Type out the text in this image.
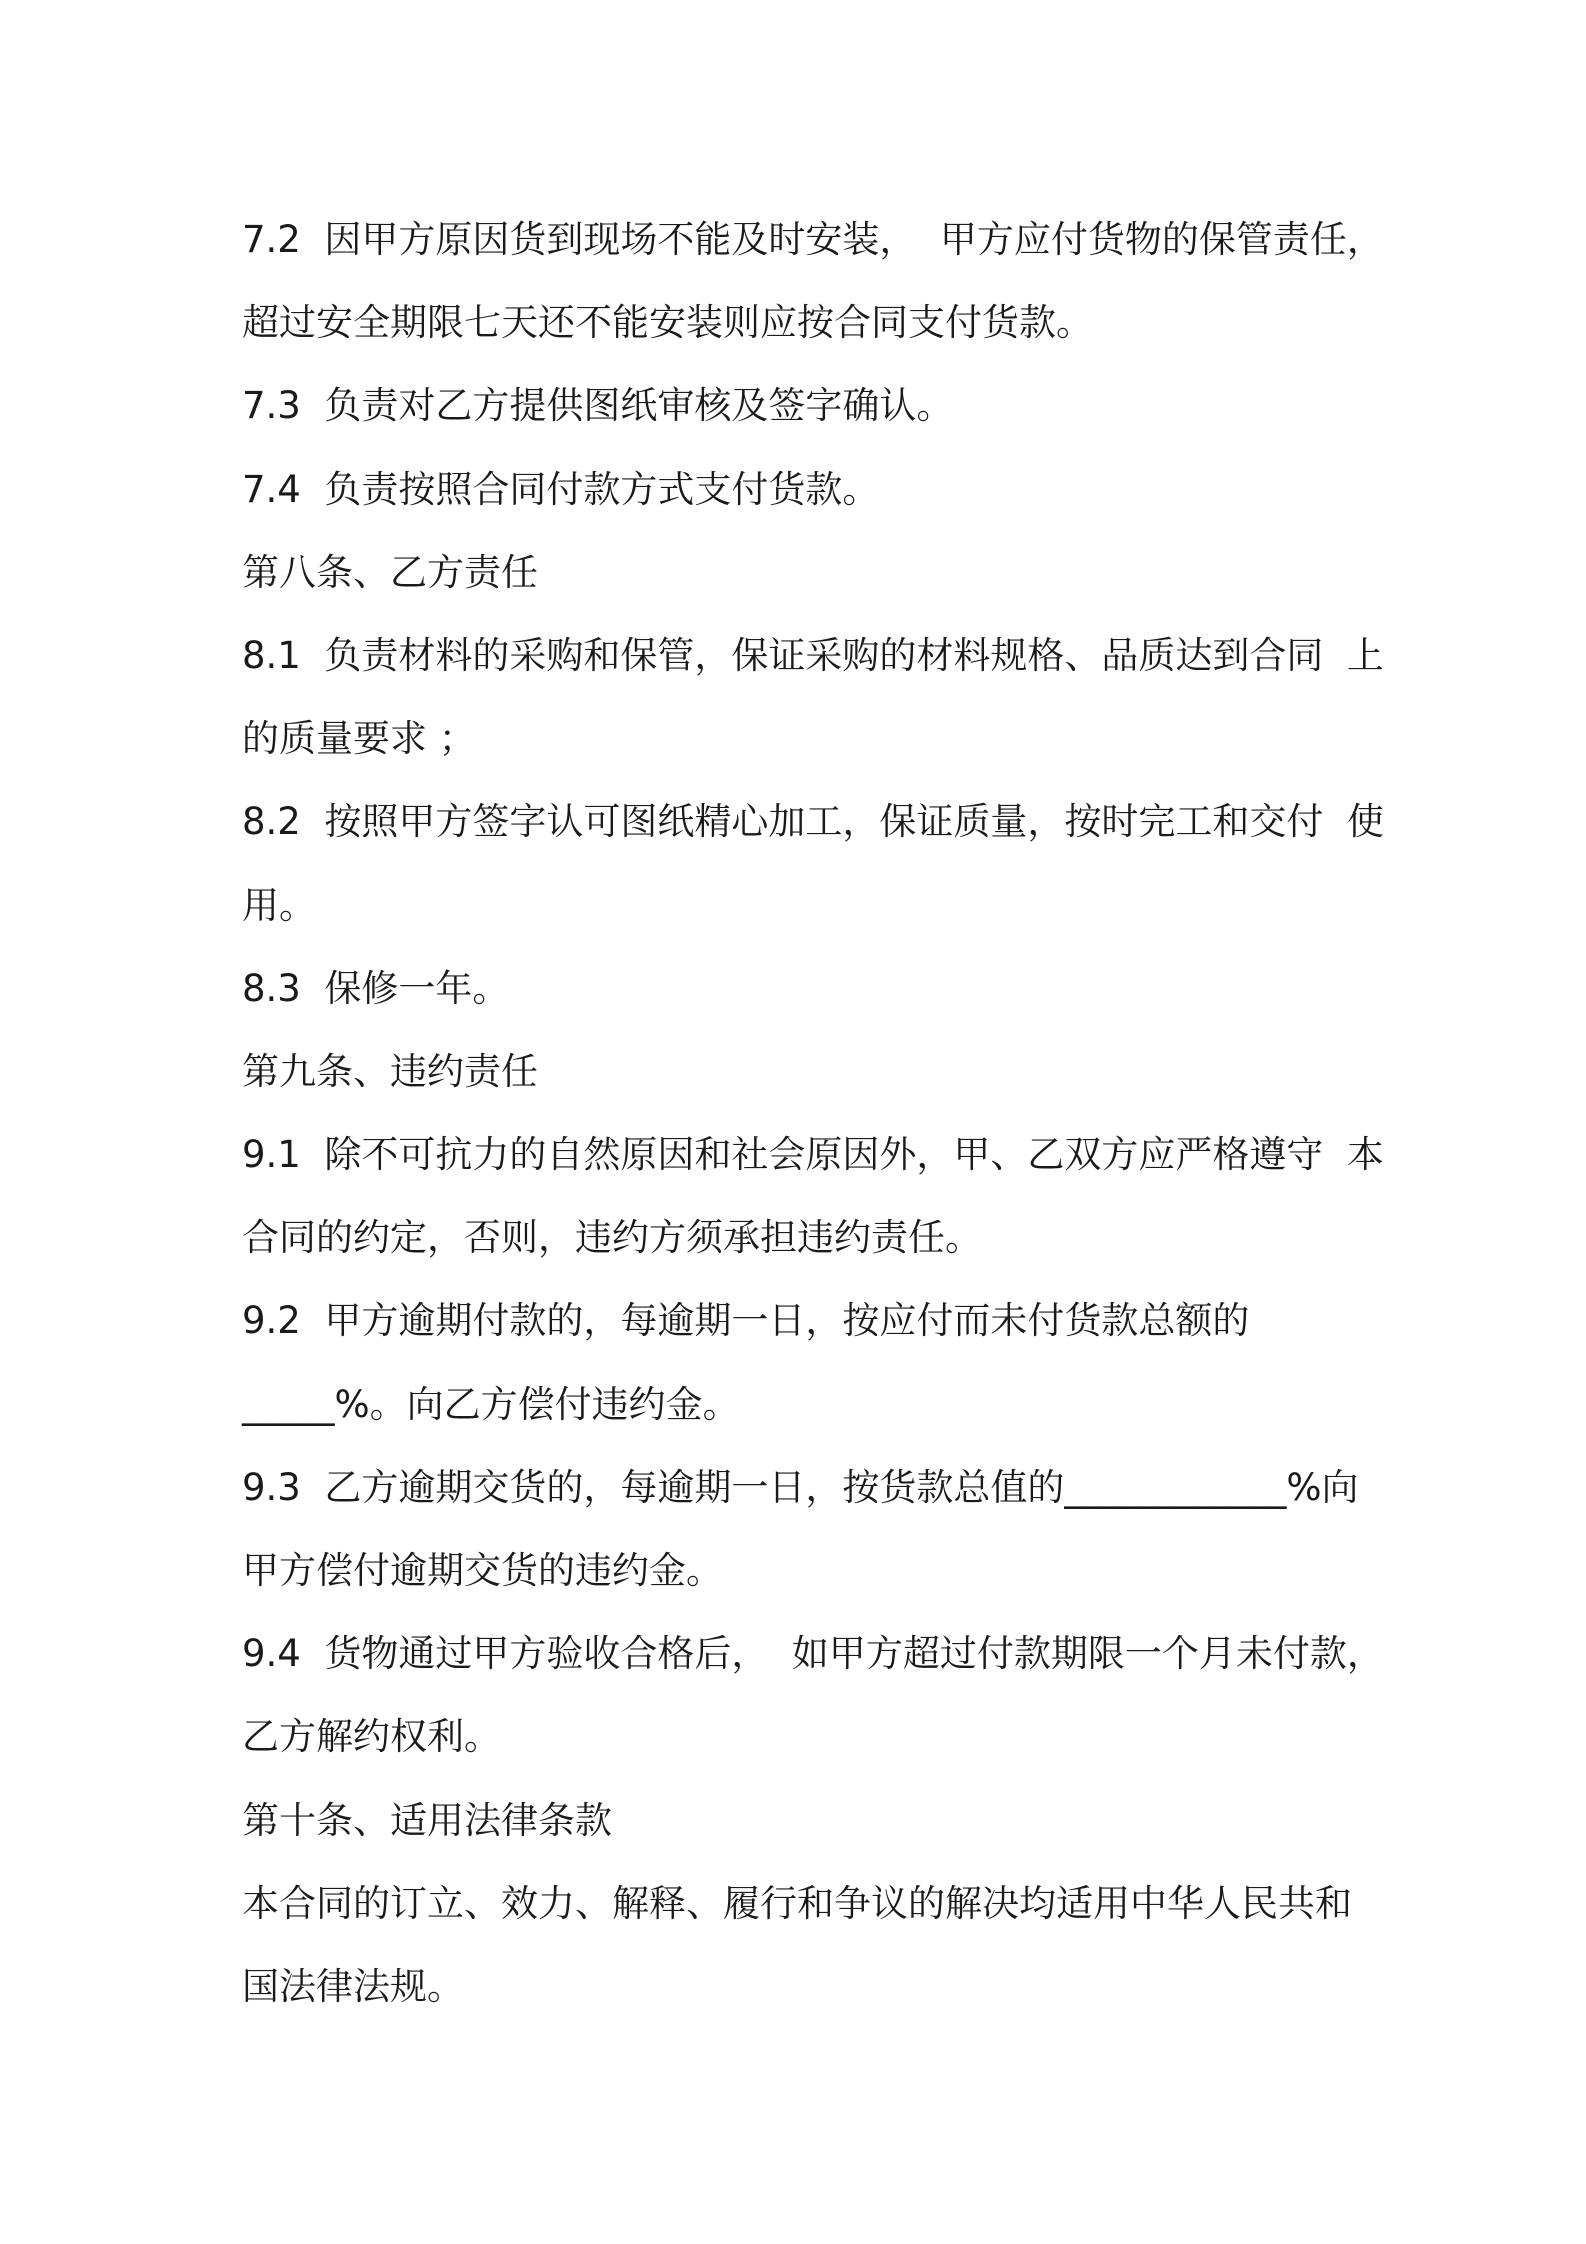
7.2  因甲方原因货到现场不能及时安装，  甲方应付货物的保管责任，

超过安全期限七天还不能安装则应按合同支付货款。

7.3  负责对乙方提供图纸审核及签字确认。

7.4  负责按照合同付款方式支付货款。

第八条、乙方责任

8.1  负责材料的采购和保管，保证采购的材料规格、品质达到合同  上

的质量要求 ；

8.2  按照甲方签字认可图纸精心加工，保证质量，按时完工和交付  使

用。

8.3  保修一年。

第九条、违约责任

9.1  除不可抗力的自然原因和社会原因外，甲、乙双方应严格遵守  本

合同的约定，否则，违约方须承担违约责任。

9.2  甲方逾期付款的，每逾期一日，按应付而未付货款总额的

_____%。向乙方偿付违约金。

9.3  乙方逾期交货的，每逾期一日，按货款总值的____________%向

甲方偿付逾期交货的违约金。

9.4  货物通过甲方验收合格后，  如甲方超过付款期限一个月未付款，

乙方解约权利。

第十条、适用法律条款

本合同的订立、效力、解释、履行和争议的解决均适用中华人民共和

国法律法规。
